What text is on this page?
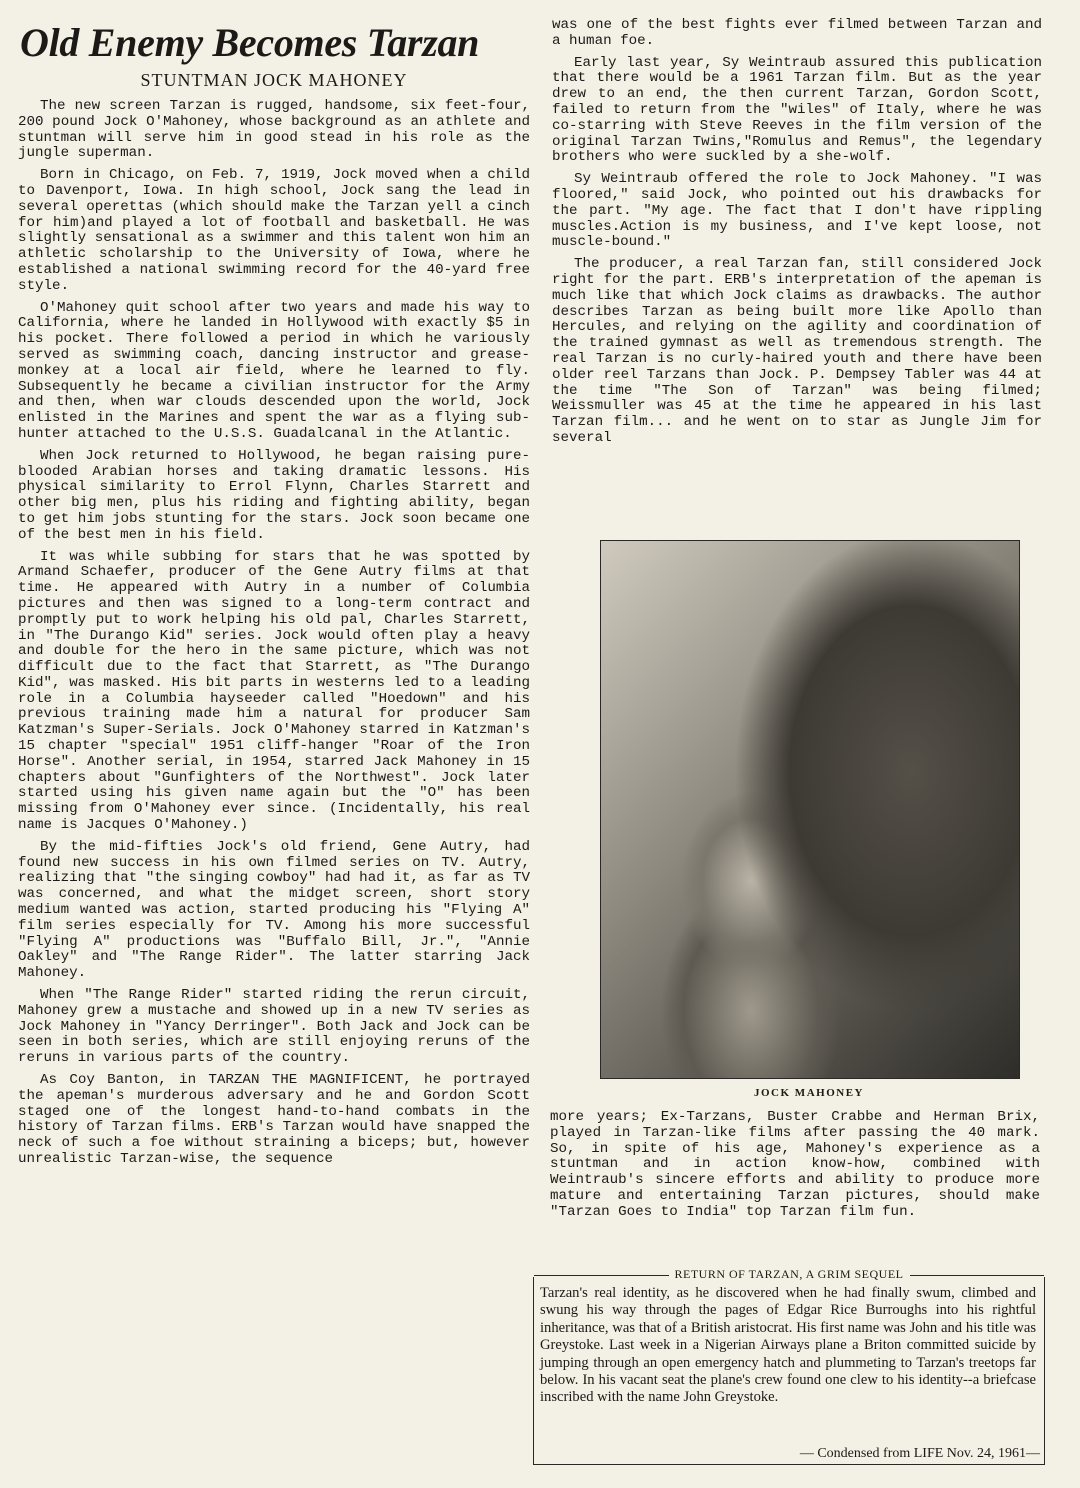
Old Enemy Becomes Tarzan
STUNTMAN JOCK MAHONEY

The new screen Tarzan is rugged, handsome, six feet-four, 200 pound Jock O'Mahoney, whose background as an athlete and stuntman will serve him in good stead in his role as the jungle superman.

Born in Chicago, on Feb. 7, 1919, Jock moved when a child to Davenport, Iowa. In high school, Jock sang the lead in several operettas (which should make the Tarzan yell a cinch for him)and played a lot of football and basketball. He was slightly sensational as a swimmer and this talent won him an athletic scholarship to the University of Iowa, where he established a national swimming record for the 40-yard free style.

O'Mahoney quit school after two years and made his way to California, where he landed in Hollywood with exactly $5 in his pocket. There followed a period in which he variously served as swimming coach, dancing instructor and grease-monkey at a local air field, where he learned to fly. Subsequently he became a civilian instructor for the Army and then, when war clouds descended upon the world, Jock enlisted in the Marines and spent the war as a flying sub-hunter attached to the U.S.S. Guadalcanal in the Atlantic.

When Jock returned to Hollywood, he began raising pure-blooded Arabian horses and taking dramatic lessons. His physical similarity to Errol Flynn, Charles Starrett and other big men, plus his riding and fighting ability, began to get him jobs stunting for the stars. Jock soon became one of the best men in his field.

It was while subbing for stars that he was spotted by Armand Schaefer, producer of the Gene Autry films at that time. He appeared with Autry in a number of Columbia pictures and then was signed to a long-term contract and promptly put to work helping his old pal, Charles Starrett, in "The Durango Kid" series. Jock would often play a heavy and double for the hero in the same picture, which was not difficult due to the fact that Starrett, as "The Durango Kid", was masked. His bit parts in westerns led to a leading role in a Columbia hayseeder called "Hoedown" and his previous training made him a natural for producer Sam Katzman's Super-Serials. Jock O'Mahoney starred in Katzman's 15 chapter "special" 1951 cliff-hanger "Roar of the Iron Horse". Another serial, in 1954, starred Jack Mahoney in 15 chapters about "Gunfighters of the Northwest". Jock later started using his given name again but the "O" has been missing from O'Mahoney ever since. (Incidentally, his real name is Jacques O'Mahoney.)

By the mid-fifties Jock's old friend, Gene Autry, had found new success in his own filmed series on TV. Autry, realizing that "the singing cowboy" had had it, as far as TV was concerned, and what the midget screen, short story medium wanted was action, started producing his "Flying A" film series especially for TV. Among his more successful "Flying A" productions was "Buffalo Bill, Jr.", "Annie Oakley" and "The Range Rider". The latter starring Jack Mahoney.

When "The Range Rider" started riding the rerun circuit, Mahoney grew a mustache and showed up in a new TV series as Jock Mahoney in "Yancy Derringer". Both Jack and Jock can be seen in both series, which are still enjoying reruns of the reruns in various parts of the country.

As Coy Banton, in TARZAN THE MAGNIFICENT, he portrayed the apeman's murderous adversary and he and Gordon Scott staged one of the longest hand-to-hand combats in the history of Tarzan films. ERB's Tarzan would have snapped the neck of such a foe without straining a biceps; but, however unrealistic Tarzan-wise, the sequence

was one of the best fights ever filmed between Tarzan and a human foe.

Early last year, Sy Weintraub assured this publication that there would be a 1961 Tarzan film. But as the year drew to an end, the then current Tarzan, Gordon Scott, failed to return from the "wiles" of Italy, where he was co-starring with Steve Reeves in the film version of the original Tarzan Twins,"Romulus and Remus", the legendary brothers who were suckled by a she-wolf.

Sy Weintraub offered the role to Jock Mahoney. "I was floored," said Jock, who pointed out his drawbacks for the part. "My age. The fact that I don't have rippling muscles.Action is my business, and I've kept loose, not muscle-bound."

The producer, a real Tarzan fan, still considered Jock right for the part. ERB's interpretation of the apeman is much like that which Jock claims as drawbacks. The author describes Tarzan as being built more like Apollo than Hercules, and relying on the agility and coordination of the trained gymnast as well as tremendous strength. The real Tarzan is no curly-haired youth and there have been older reel Tarzans than Jock. P. Dempsey Tabler was 44 at the time "The Son of Tarzan" was being filmed; Weissmuller was 45 at the time he appeared in his last Tarzan film... and he went on to star as Jungle Jim for several

JOCK MAHONEY

more years; Ex-Tarzans, Buster Crabbe and Herman Brix, played in Tarzan-like films after passing the 40 mark. So, in spite of his age, Mahoney's experience as a stuntman and in action know-how, combined with Weintraub's sincere efforts and ability to produce more mature and entertaining Tarzan pictures, should make "Tarzan Goes to India" top Tarzan film fun.

RETURN OF TARZAN, A GRIM SEQUEL
Tarzan's real identity, as he discovered when he had finally swum, climbed and swung his way through the pages of Edgar Rice Burroughs into his rightful inheritance, was that of a British aristocrat. His first name was John and his title was Greystoke. Last week in a Nigerian Airways plane a Briton committed suicide by jumping through an open emergency hatch and plummeting to Tarzan's treetops far below. In his vacant seat the plane's crew found one clew to his identity--a briefcase inscribed with the name John Greystoke.
— Condensed from LIFE Nov. 24, 1961—
